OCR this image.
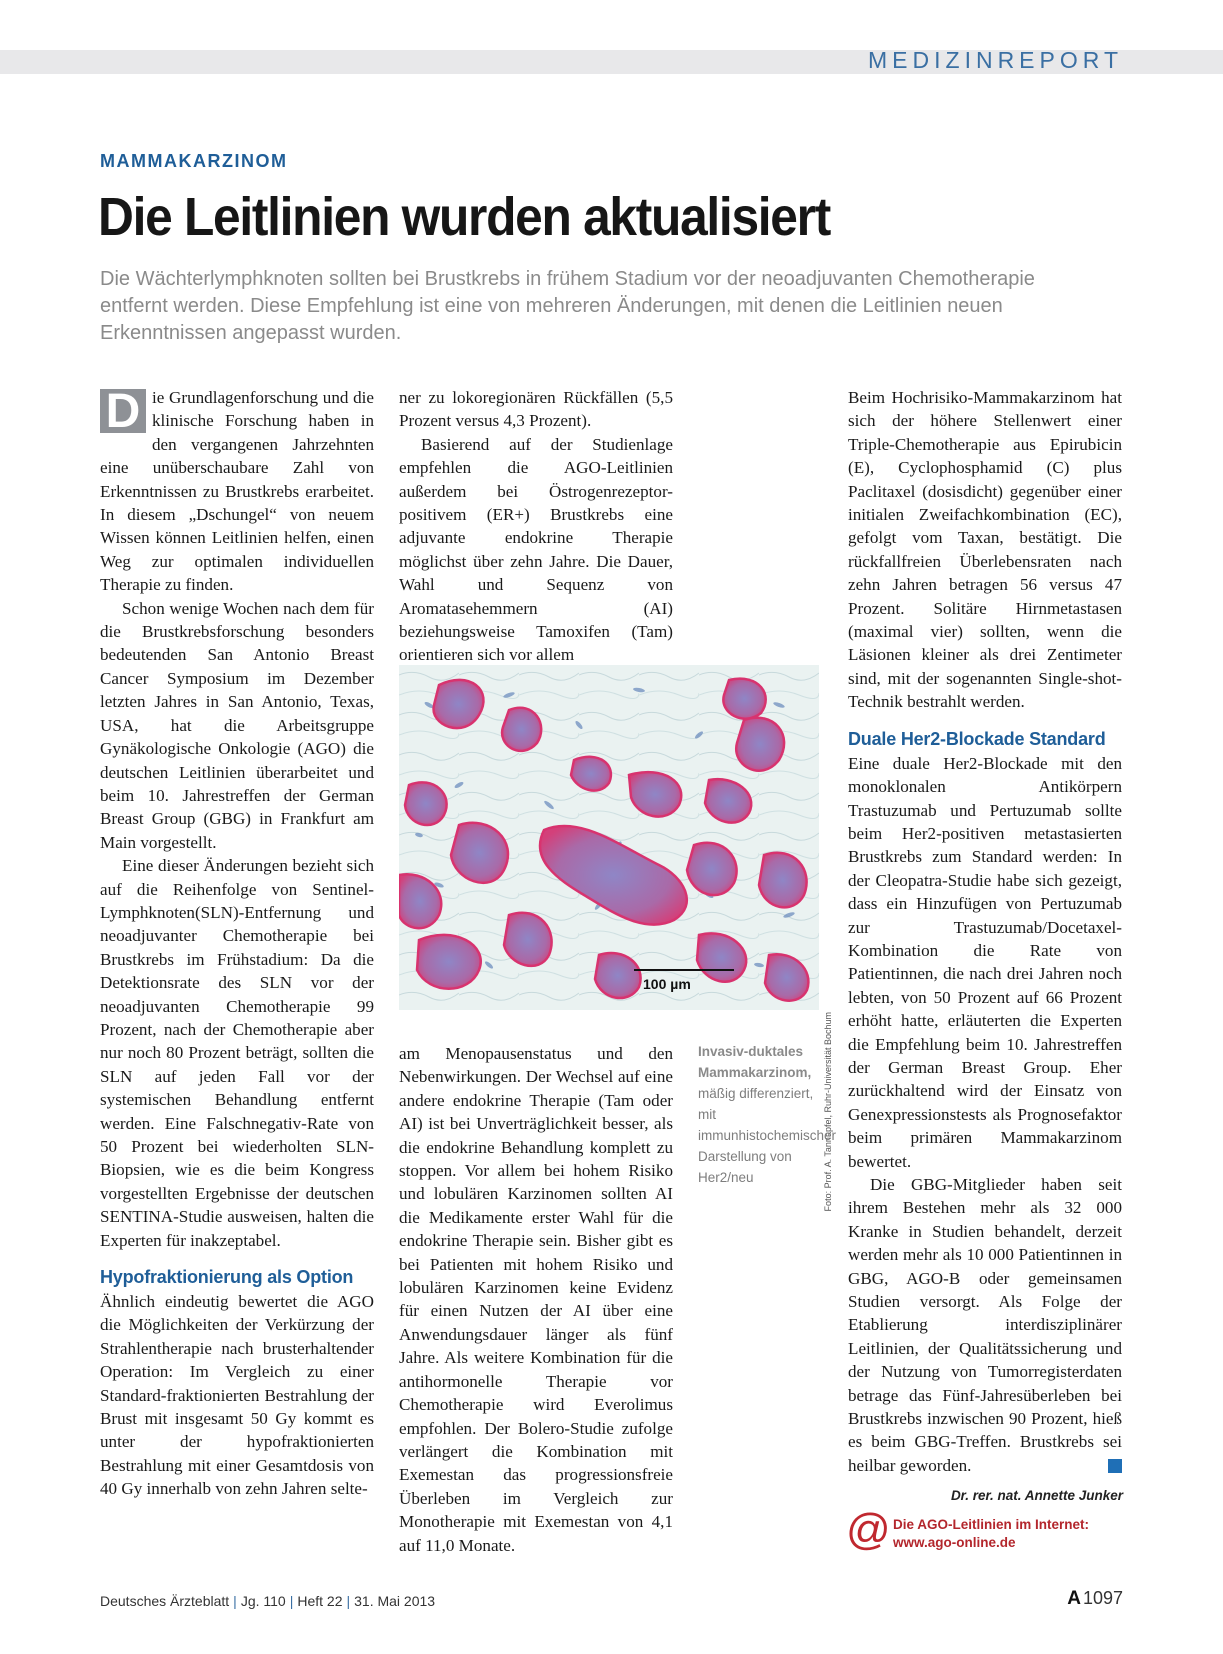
MEDIZINREPORT
MAMMAKARZINOM
Die Leitlinien wurden aktualisiert

Die Wächterlymphknoten sollten bei Brustkrebs in frühem Stadium vor der neoadjuvanten Chemotherapie entfernt werden. Diese Empfehlung ist eine von mehreren Änderungen, mit denen die Leitlinien neuen Erkenntnissen angepasst wurden.

D ie Grundlagenforschung und die klinische Forschung haben in den vergangenen Jahrzehnten eine unüberschaubare Zahl von Erkenntnissen zu Brustkrebs erarbeitet. In diesem „Dschungel“ von neuem Wissen können Leitlinien helfen, einen Weg zur optimalen individuellen Therapie zu finden.

Schon wenige Wochen nach dem für die Brustkrebsforschung besonders bedeutenden San Antonio Breast Cancer Symposium im Dezember letzten Jahres in San Antonio, Texas, USA, hat die Arbeitsgruppe Gynäkologische Onkologie (AGO) die deutschen Leitlinien überarbeitet und beim 10. Jahrestreffen der German Breast Group (GBG) in Frankfurt am Main vorgestellt.

Eine dieser Änderungen bezieht sich auf die Reihenfolge von Sentinel-Lymphknoten(SLN)-Entfernung und neoadjuvanter Chemotherapie bei Brustkrebs im Frühstadium: Da die Detektionsrate des SLN vor der neoadjuvanten Chemotherapie 99 Prozent, nach der Chemotherapie aber nur noch 80 Prozent beträgt, sollten die SLN auf jeden Fall vor der systemischen Behandlung entfernt werden. Eine Falschnegativ-Rate von 50 Prozent bei wiederholten SLN-Biopsien, wie es die beim Kongress vorgestellten Ergebnisse der deutschen SENTINA-Studie ausweisen, halten die Experten für inakzeptabel.

Hypofraktionierung als Option

Ähnlich eindeutig bewertet die AGO die Möglichkeiten der Verkürzung der Strahlentherapie nach brusterhaltender Operation: Im Vergleich zu einer Standard-fraktionierten Bestrahlung der Brust mit insgesamt 50 Gy kommt es unter der hypofraktionierten Bestrahlung mit einer Gesamtdosis von 40 Gy innerhalb von zehn Jahren selte-

ner zu lokoregionären Rückfällen (5,5 Prozent versus 4,3 Prozent).

Basierend auf der Studienlage empfehlen die AGO-Leitlinien außerdem bei Östrogenrezeptor-positivem (ER+) Brustkrebs eine adjuvante endokrine Therapie möglichst über zehn Jahre. Die Dauer, Wahl und Sequenz von Aromatasehemmern (AI) beziehungsweise Tamoxifen (Tam) orientieren sich vor allem

100 µm
Foto: Prof. A. Tannapfel, Ruhr-Universität Bochum
Invasiv-duktales Mammakarzinom,
mäßig differenziert, mit immunhistochemischer Darstellung von Her2/neu

am Menopausenstatus und den Nebenwirkungen. Der Wechsel auf eine andere endokrine Therapie (Tam oder AI) ist bei Unverträglichkeit besser, als die endokrine Behandlung komplett zu stoppen. Vor allem bei hohem Risiko und lobulären Karzinomen sollten AI die Medikamente erster Wahl für die endokrine Therapie sein. Bisher gibt es bei Patienten mit hohem Risiko und lobulären Karzinomen keine Evidenz für einen Nutzen der AI über eine Anwendungsdauer länger als fünf Jahre. Als weitere Kombination für die antihormonelle Therapie vor Chemotherapie wird Everolimus empfohlen. Der Bolero-Studie zufolge verlängert die Kombination mit Exemestan das progressionsfreie Überleben im Vergleich zur Monotherapie mit Exemestan von 4,1 auf 11,0 Monate.

Beim Hochrisiko-Mammakarzinom hat sich der höhere Stellenwert einer Triple-Chemotherapie aus Epirubicin (E), Cyclophosphamid (C) plus Paclitaxel (dosisdicht) gegenüber einer initialen Zweifachkombination (EC), gefolgt vom Taxan, bestätigt. Die rückfallfreien Überlebensraten nach zehn Jahren betragen 56 versus 47 Prozent. Solitäre Hirnmetastasen (maximal vier) sollten, wenn die Läsionen kleiner als drei Zentimeter sind, mit der sogenannten Single-shot-Technik bestrahlt werden.

Duale Her2-Blockade Standard

Eine duale Her2-Blockade mit den monoklonalen Antikörpern Trastuzumab und Pertuzumab sollte beim Her2-positiven metastasierten Brustkrebs zum Standard werden: In der Cleopatra-Studie habe sich gezeigt, dass ein Hinzufügen von Pertuzumab zur Trastuzumab/Docetaxel-Kombination die Rate von Patientinnen, die nach drei Jahren noch lebten, von 50 Prozent auf 66 Prozent erhöht hatte, erläuterten die Experten die Empfehlung beim 10. Jahrestreffen der German Breast Group. Eher zurückhaltend wird der Einsatz von Genexpressionstests als Prognosefaktor beim primären Mammakarzinom bewertet.

Die GBG-Mitglieder haben seit ihrem Bestehen mehr als 32 000 Kranke in Studien behandelt, derzeit werden mehr als 10 000 Patientinnen in GBG, AGO-B oder gemeinsamen Studien versorgt. Als Folge der Etablierung interdisziplinärer Leitlinien, der Qualitätssicherung und der Nutzung von Tumorregisterdaten betrage das Fünf-Jahresüberleben bei Brustkrebs inzwischen 90 Prozent, hieß es beim GBG-Treffen. Brustkrebs sei heilbar geworden.

Dr. rer. nat. Annette Junker
@ Die AGO-Leitlinien im Internet:
www.ago-online.de
Deutsches Ärzteblatt | Jg. 110 | Heft 22 | 31. Mai 2013	A 1097
